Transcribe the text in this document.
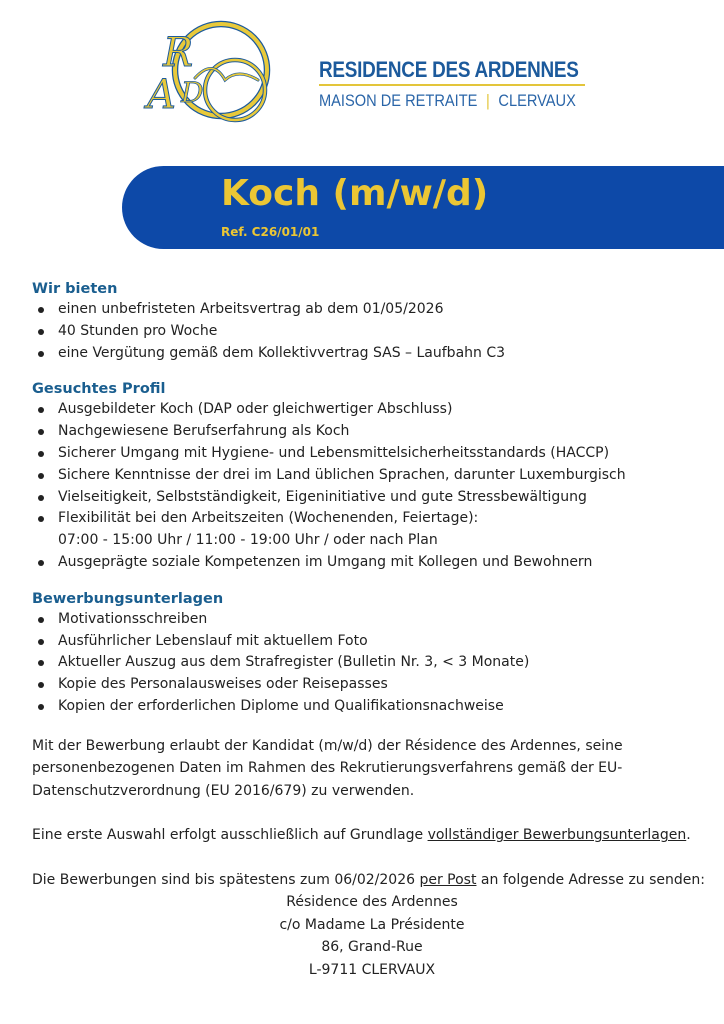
R
A D
RESIDENCE DES ARDENNES
MAISON DE RETRAITE | CLERVAUX
Koch (m/w/d)
Ref. C26/01/01
Wir bieten
einen unbefristeten Arbeitsvertrag ab dem 01/05/2026
40 Stunden pro Woche
eine Vergütung gemäß dem Kollektivvertrag SAS – Laufbahn C3
Gesuchtes Profil
Ausgebildeter Koch (DAP oder gleichwertiger Abschluss)
Nachgewiesene Berufserfahrung als Koch
Sicherer Umgang mit Hygiene- und Lebensmittelsicherheitsstandards (HACCP)
Sichere Kenntnisse der drei im Land üblichen Sprachen, darunter Luxemburgisch
Vielseitigkeit, Selbstständigkeit, Eigeninitiative und gute Stressbewältigung
Flexibilität bei den Arbeitszeiten (Wochenenden, Feiertage):
07:00 - 15:00 Uhr / 11:00 - 19:00 Uhr / oder nach Plan
Ausgeprägte soziale Kompetenzen im Umgang mit Kollegen und Bewohnern
Bewerbungsunterlagen
Motivationsschreiben
Ausführlicher Lebenslauf mit aktuellem Foto
Aktueller Auszug aus dem Strafregister (Bulletin Nr. 3, < 3 Monate)
Kopie des Personalausweises oder Reisepasses
Kopien der erforderlichen Diplome und Qualifikationsnachweise

Mit der Bewerbung erlaubt der Kandidat (m/w/d) der Résidence des Ardennes, seine personenbezogenen Daten im Rahmen des Rekrutierungsverfahrens gemäß der EU-Datenschutzverordnung (EU 2016/679) zu verwenden.

Eine erste Auswahl erfolgt ausschließlich auf Grundlage vollständiger Bewerbungsunterlagen.

Die Bewerbungen sind bis spätestens zum 06/02/2026 per Post an folgende Adresse zu senden:

Résidence des Ardennes
c/o Madame La Présidente
86, Grand-Rue
L-9711 CLERVAUX
